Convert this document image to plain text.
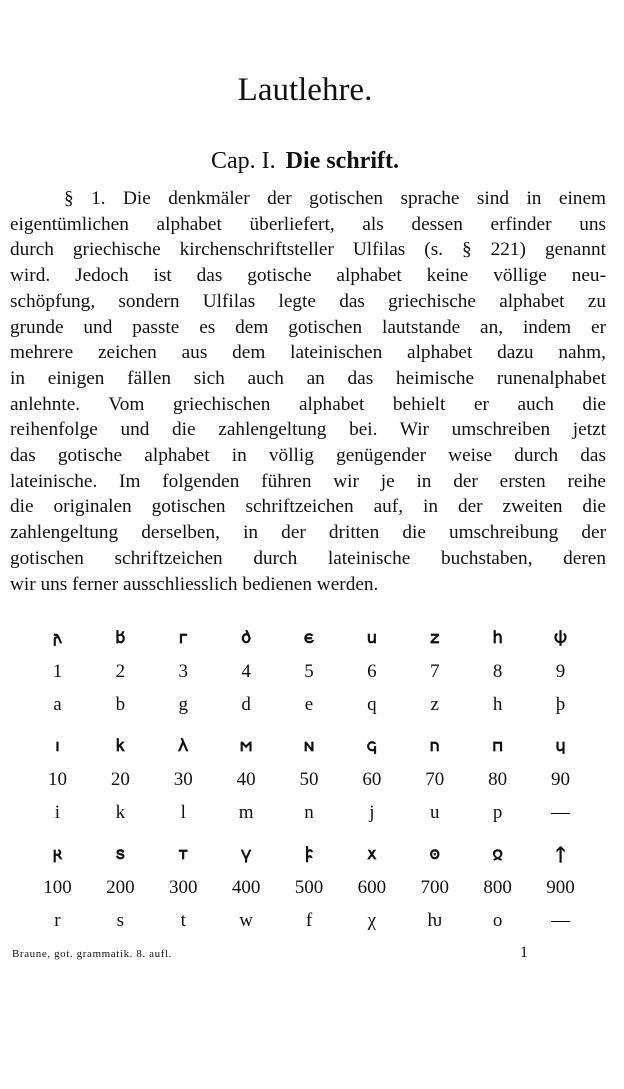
Lautlehre.
Cap. I. Die schrift.
§ 1. Die denkmäler der gotischen sprache sind in einem
eigentümlichen alphabet überliefert, als dessen erfinder uns
durch griechische kirchenschriftsteller Ulfilas (s. § 221) genannt
wird. Jedoch ist das gotische alphabet keine völlige neu-
schöpfung, sondern Ulfilas legte das griechische alphabet zu
grunde und passte es dem gotischen lautstande an, indem er
mehrere zeichen aus dem lateinischen alphabet dazu nahm,
in einigen fällen sich auch an das heimische runenalphabet
anlehnte. Vom griechischen alphabet behielt er auch die
reihenfolge und die zahlengeltung bei. Wir umschreiben jetzt
das gotische alphabet in völlig genügender weise durch das
lateinische. Im folgenden führen wir je in der ersten reihe
die originalen gotischen schriftzeichen auf, in der zweiten die
zahlengeltung derselben, in der dritten die umschreibung der
gotischen schriftzeichen durch lateinische buchstaben, deren
wir uns ferner ausschliesslich bedienen werden.
𐌰	𐌱	𐌲	𐌳	𐌴	𐌵	𐌶	𐌷	𐌸
1	2	3	4	5	6	7	8	9
a	b	g	d	e	q	z	h	þ
𐌹	𐌺	𐌻	𐌼	𐌽	𐌾	𐌿	𐍀	𐍁
10	20	30	40	50	60	70	80	90
i	k	l	m	n	j	u	p	—
𐍂	𐍃	𐍄	𐍅	𐍆	𐍇	𐍈	𐍉	𐍊
100	200	300	400	500	600	700	800	900
r	s	t	w	f	χ	ƕ	o	—
Braune, got. grammatik. 8. aufl.	1
